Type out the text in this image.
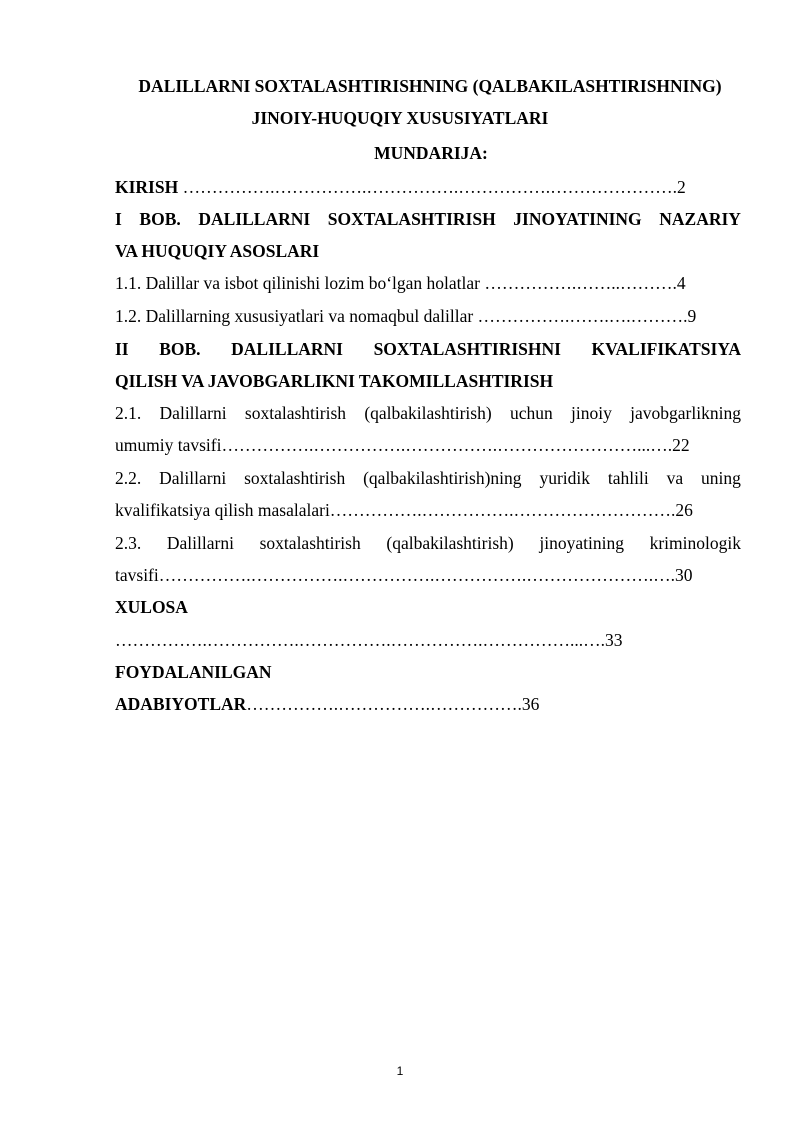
DALILLARNI SOXTALASHTIRISHNING (QALBAKILASHTIRISHNING)
JINOIY-HUQUQIY XUSUSIYATLARI
MUNDARIJA:
KIRISH …………….…………….…………….…………….………………….2
I BOB. DALILLARNI SOXTALASHTIRISH JINOYATINING NAZARIY
VA HUQUQIY ASOSLARI
1.1. Dalillar va isbot qilinishi lozim bo‘lgan holatlar …………….……..……….4
1.2. Dalillarning xususiyatlari va nomaqbul dalillar …………….…….….……….9
II BOB. DALILLARNI SOXTALASHTIRISHNI KVALIFIKATSIYA
QILISH VA JAVOBGARLIKNI TAKOMILLASHTIRISH
2.1. Dalillarni soxtalashtirish (qalbakilashtirish) uchun jinoiy javobgarlikning
umumiy tavsifi…………….…………….…………….……………………...….22
2.2. Dalillarni soxtalashtirish (qalbakilashtirish)ning yuridik tahlili va uning
kvalifikatsiya qilish masalalari…………….…………….……………………….26
2.3. Dalillarni soxtalashtirish (qalbakilashtirish) jinoyatining kriminologik
tavsifi…………….…………….…………….…………….………………….….30
XULOSA
…………….…………….…………….…………….……………...….33
FOYDALANILGAN
ADABIYOTLAR…………….…………….…………….36
1
